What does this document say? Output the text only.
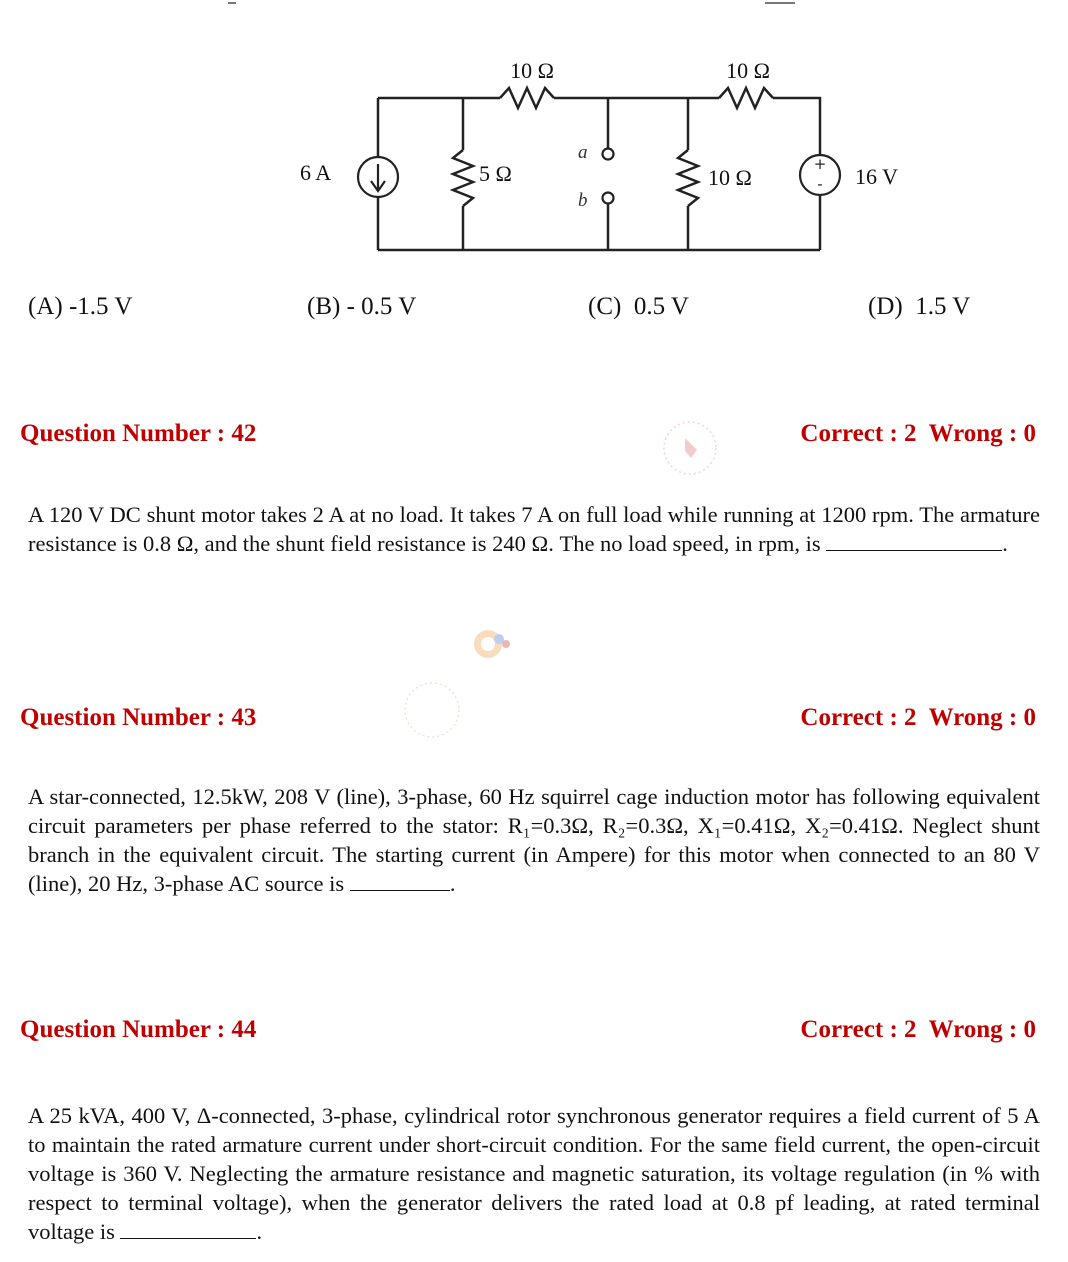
+
-
10 Ω	10 Ω
5 Ω	10 Ω
6 A	16 V
a
b
(A) -1.5 V	(B) - 0.5 V	(C)  0.5 V	(D)  1.5 V
Question Number : 42	Correct : 2  Wrong : 0
A 120 V DC shunt motor takes 2 A at no load. It takes 7 A on full load while running at 1200 rpm. The armature resistance is 0.8 Ω, and the shunt field resistance is 240 Ω. The no load speed, in rpm, is	.
Question Number : 43	Correct : 2  Wrong : 0
A star-connected, 12.5kW, 208 V (line), 3-phase, 60 Hz squirrel cage induction motor has following equivalent circuit parameters per phase referred to the stator: R₁=0.3Ω, R₂=0.3Ω, X₁=0.41Ω, X₂=0.41Ω. Neglect shunt branch in the equivalent circuit. The starting current (in Ampere) for this motor when connected to an 80 V (line), 20 Hz, 3-phase AC source is	.
Question Number : 44	Correct : 2  Wrong : 0
A 25 kVA, 400 V, Δ-connected, 3-phase, cylindrical rotor synchronous generator requires a field current of 5 A to maintain the rated armature current under short-circuit condition. For the same field current, the open-circuit voltage is 360 V. Neglecting the armature resistance and magnetic saturation, its voltage regulation (in % with respect to terminal voltage), when the generator delivers the rated load at 0.8 pf leading, at rated terminal voltage is	.
